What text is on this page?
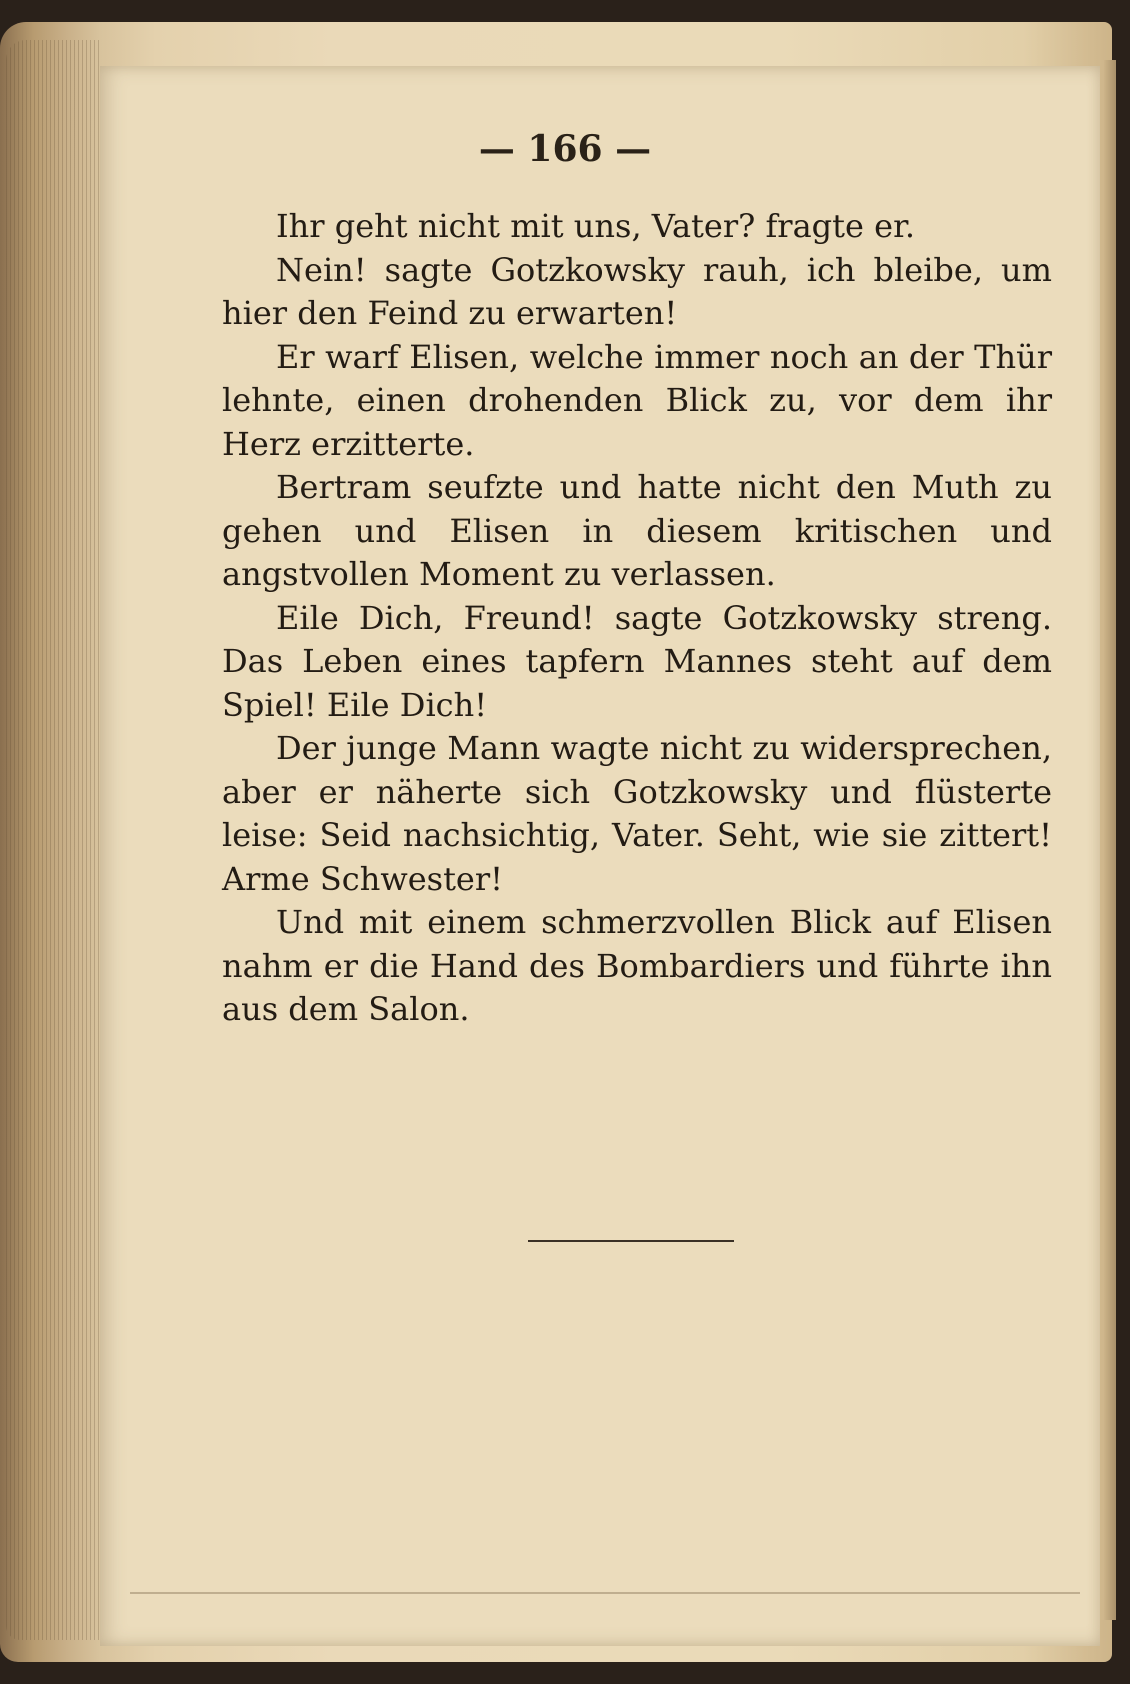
— 166 —

Ihr geht nicht mit uns, Vater? fragte er.

Nein! sagte Gotzkowsky rauh, ich bleibe, um hier den Feind zu erwarten!

Er warf Elisen, welche immer noch an der Thür lehnte, einen drohenden Blick zu, vor dem ihr Herz erzitterte.

Bertram seufzte und hatte nicht den Muth zu gehen und Elisen in diesem kritischen und angstvollen Moment zu verlassen.

Eile Dich, Freund! sagte Gotzkowsky streng. Das Leben eines tapfern Mannes steht auf dem Spiel! Eile Dich!

Der junge Mann wagte nicht zu widersprechen, aber er näherte sich Gotzkowsky und flüsterte leise: Seid nachsichtig, Vater. Seht, wie sie zittert! Arme Schwester!

Und mit einem schmerzvollen Blick auf Elisen nahm er die Hand des Bombardiers und führte ihn aus dem Salon.
